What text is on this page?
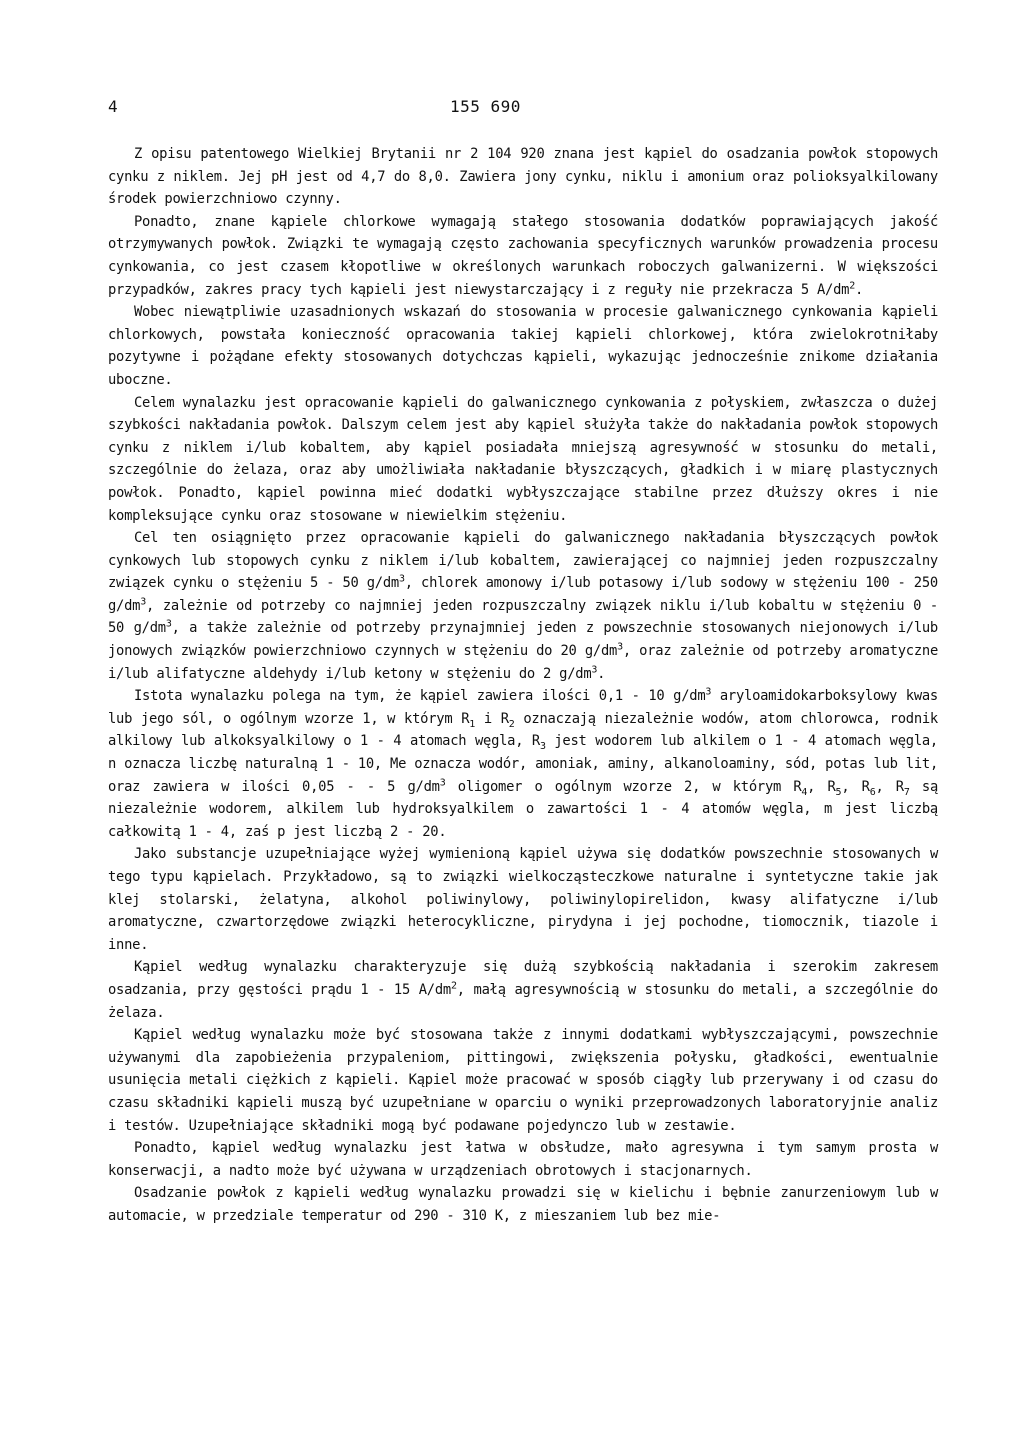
4	155 690

Z opisu patentowego Wielkiej Brytanii nr 2 104 920 znana jest kąpiel do osadzania powłok stopowych cynku z niklem. Jej pH jest od 4,7 do 8,0. Zawiera jony cynku, niklu i amonium oraz polioksyalkilowany środek powierzchniowo czynny.

Ponadto, znane kąpiele chlorkowe wymagają stałego stosowania dodatków poprawiających jakość otrzymywanych powłok. Związki te wymagają często zachowania specyficznych warunków prowadzenia procesu cynkowania, co jest czasem kłopotliwe w określonych warunkach roboczych galwanizerni. W większości przypadków, zakres pracy tych kąpieli jest niewystarczający i z reguły nie przekracza 5 $A/dm^2$.

Wobec niewątpliwie uzasadnionych wskazań do stosowania w procesie galwanicznego cynkowania kąpieli chlorkowych, powstała konieczność opracowania takiej kąpieli chlorkowej, która zwielokrotniłaby pozytywne i pożądane efekty stosowanych dotychczas kąpieli, wykazując jednocześnie znikome działania uboczne.

Celem wynalazku jest opracowanie kąpieli do galwanicznego cynkowania z połyskiem, zwłaszcza o dużej szybkości nakładania powłok. Dalszym celem jest aby kąpiel służyła także do nakładania powłok stopowych cynku z niklem i/lub kobaltem, aby kąpiel posiadała mniejszą agresywność w stosunku do metali, szczególnie do żelaza, oraz aby umożliwiała nakładanie błyszczących, gładkich i w miarę plastycznych powłok. Ponadto, kąpiel powinna mieć dodatki wybłyszczające stabilne przez dłuższy okres i nie kompleksujące cynku oraz stosowane w niewielkim stężeniu.

Cel ten osiągnięto przez opracowanie kąpieli do galwanicznego nakładania błyszczących powłok cynkowych lub stopowych cynku z niklem i/lub kobaltem, zawierającej co najmniej jeden rozpuszczalny związek cynku o stężeniu 5 - 50 $g/dm^3$, chlorek amonowy i/lub potasowy i/lub sodowy w stężeniu 100 - 250 $g/dm^3$, zależnie od potrzeby co najmniej jeden rozpuszczalny związek niklu i/lub kobaltu w stężeniu 0 - 50 $g/dm^3$, a także zależnie od potrzeby przynajmniej jeden z powszechnie stosowanych niejonowych i/lub jonowych związków powierzchniowo czynnych w stężeniu do 20 $g/dm^3$, oraz zależnie od potrzeby aromatyczne i/lub alifatyczne aldehydy i/lub ketony w stężeniu do 2 $g/dm^3$.

Istota wynalazku polega na tym, że kąpiel zawiera ilości 0,1 - 10 $g/dm^3$ aryloamidokarboksylowy kwas lub jego sól, o ogólnym wzorze 1, w którym $R_1$ i $R_2$ oznaczają niezależnie wodów, atom chlorowca, rodnik alkilowy lub alkoksyalkilowy o 1 - 4 atomach węgla, $R_3$ jest wodorem lub alkilem o 1 - 4 atomach węgla, n oznacza liczbę naturalną 1 - 10, Me oznacza wodór, amoniak, aminy, alkanoloaminy, sód, potas lub lit, oraz zawiera w ilości 0,05 - - 5 $g/dm^3$ oligomer o ogólnym wzorze 2, w którym $R_4$, $R_5$, $R_6$, $R_7$ są niezależnie wodorem, alkilem lub hydroksyalkilem o zawartości 1 - 4 atomów węgla, m jest liczbą całkowitą 1 - 4, zaś p jest liczbą 2 - 20.

Jako substancje uzupełniające wyżej wymienioną kąpiel używa się dodatków powszechnie stosowanych w tego typu kąpielach. Przykładowo, są to związki wielkocząsteczkowe naturalne i syntetyczne takie jak klej stolarski, żelatyna, alkohol poliwinylowy, poliwinylopirelidon, kwasy alifatyczne i/lub aromatyczne, czwartorzędowe związki heterocykliczne, pirydyna i jej pochodne, tiomocznik, tiazole i inne.

Kąpiel według wynalazku charakteryzuje się dużą szybkością nakładania i szerokim zakresem osadzania, przy gęstości prądu 1 - 15 $A/dm^2$, małą agresywnością w stosunku do metali, a szczególnie do żelaza.

Kąpiel według wynalazku może być stosowana także z innymi dodatkami wybłyszczającymi, powszechnie używanymi dla zapobieżenia przypaleniom, pittingowi, zwiększenia połysku, gładkości, ewentualnie usunięcia metali ciężkich z kąpieli. Kąpiel może pracować w sposób ciągły lub przerywany i od czasu do czasu składniki kąpieli muszą być uzupełniane w oparciu o wyniki przeprowadzonych laboratoryjnie analiz i testów. Uzupełniające składniki mogą być podawane pojedynczo lub w zestawie.

Ponadto, kąpiel według wynalazku jest łatwa w obsłudze, mało agresywna i tym samym prosta w konserwacji, a nadto może być używana w urządzeniach obrotowych i stacjonarnych.

Osadzanie powłok z kąpieli według wynalazku prowadzi się w kielichu i bębnie zanurzeniowym lub w automacie, w przedziale temperatur od 290 - 310 K, z mieszaniem lub bez mie-
